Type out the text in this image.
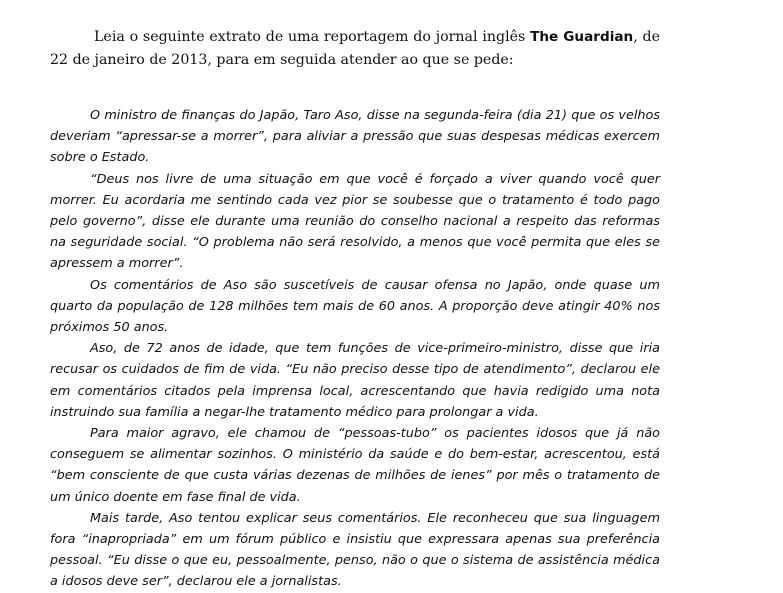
Leia o seguinte extrato de uma reportagem do jornal inglês The Guardian, de 22 de janeiro de 2013, para em seguida atender ao que se pede:

O ministro de finanças do Japão, Taro Aso, disse na segunda-feira (dia 21) que os velhos deveriam “apressar-se a morrer”, para aliviar a pressão que suas despesas médicas exercem sobre o Estado.

“Deus nos livre de uma situação em que você é forçado a viver quando você quer morrer. Eu acordaria me sentindo cada vez pior se soubesse que o tratamento é todo pago pelo governo”, disse ele durante uma reunião do conselho nacional a respeito das reformas na seguridade social. “O problema não será resolvido, a menos que você permita que eles se apressem a morrer”.

Os comentários de Aso são suscetíveis de causar ofensa no Japão, onde quase um quarto da população de 128 milhões tem mais de 60 anos. A proporção deve atingir 40% nos próximos 50 anos.

Aso, de 72 anos de idade, que tem funções de vice-primeiro-ministro, disse que iria recusar os cuidados de fim de vida. “Eu não preciso desse tipo de atendimento”, declarou ele em comentários citados pela imprensa local, acrescentando que havia redigido uma nota instruindo sua família a negar-lhe tratamento médico para prolongar a vida.

Para maior agravo, ele chamou de “pessoas-tubo” os pacientes idosos que já não conseguem se alimentar sozinhos. O ministério da saúde e do bem-estar, acrescentou, está “bem consciente de que custa várias dezenas de milhões de ienes” por mês o tratamento de um único doente em fase final de vida.

Mais tarde, Aso tentou explicar seus comentários. Ele reconheceu que sua linguagem fora “inapropriada” em um fórum público e insistiu que expressara apenas sua preferência pessoal. “Eu disse o que eu, pessoalmente, penso, não o que o sistema de assistência médica a idosos deve ser”, declarou ele a jornalistas.
